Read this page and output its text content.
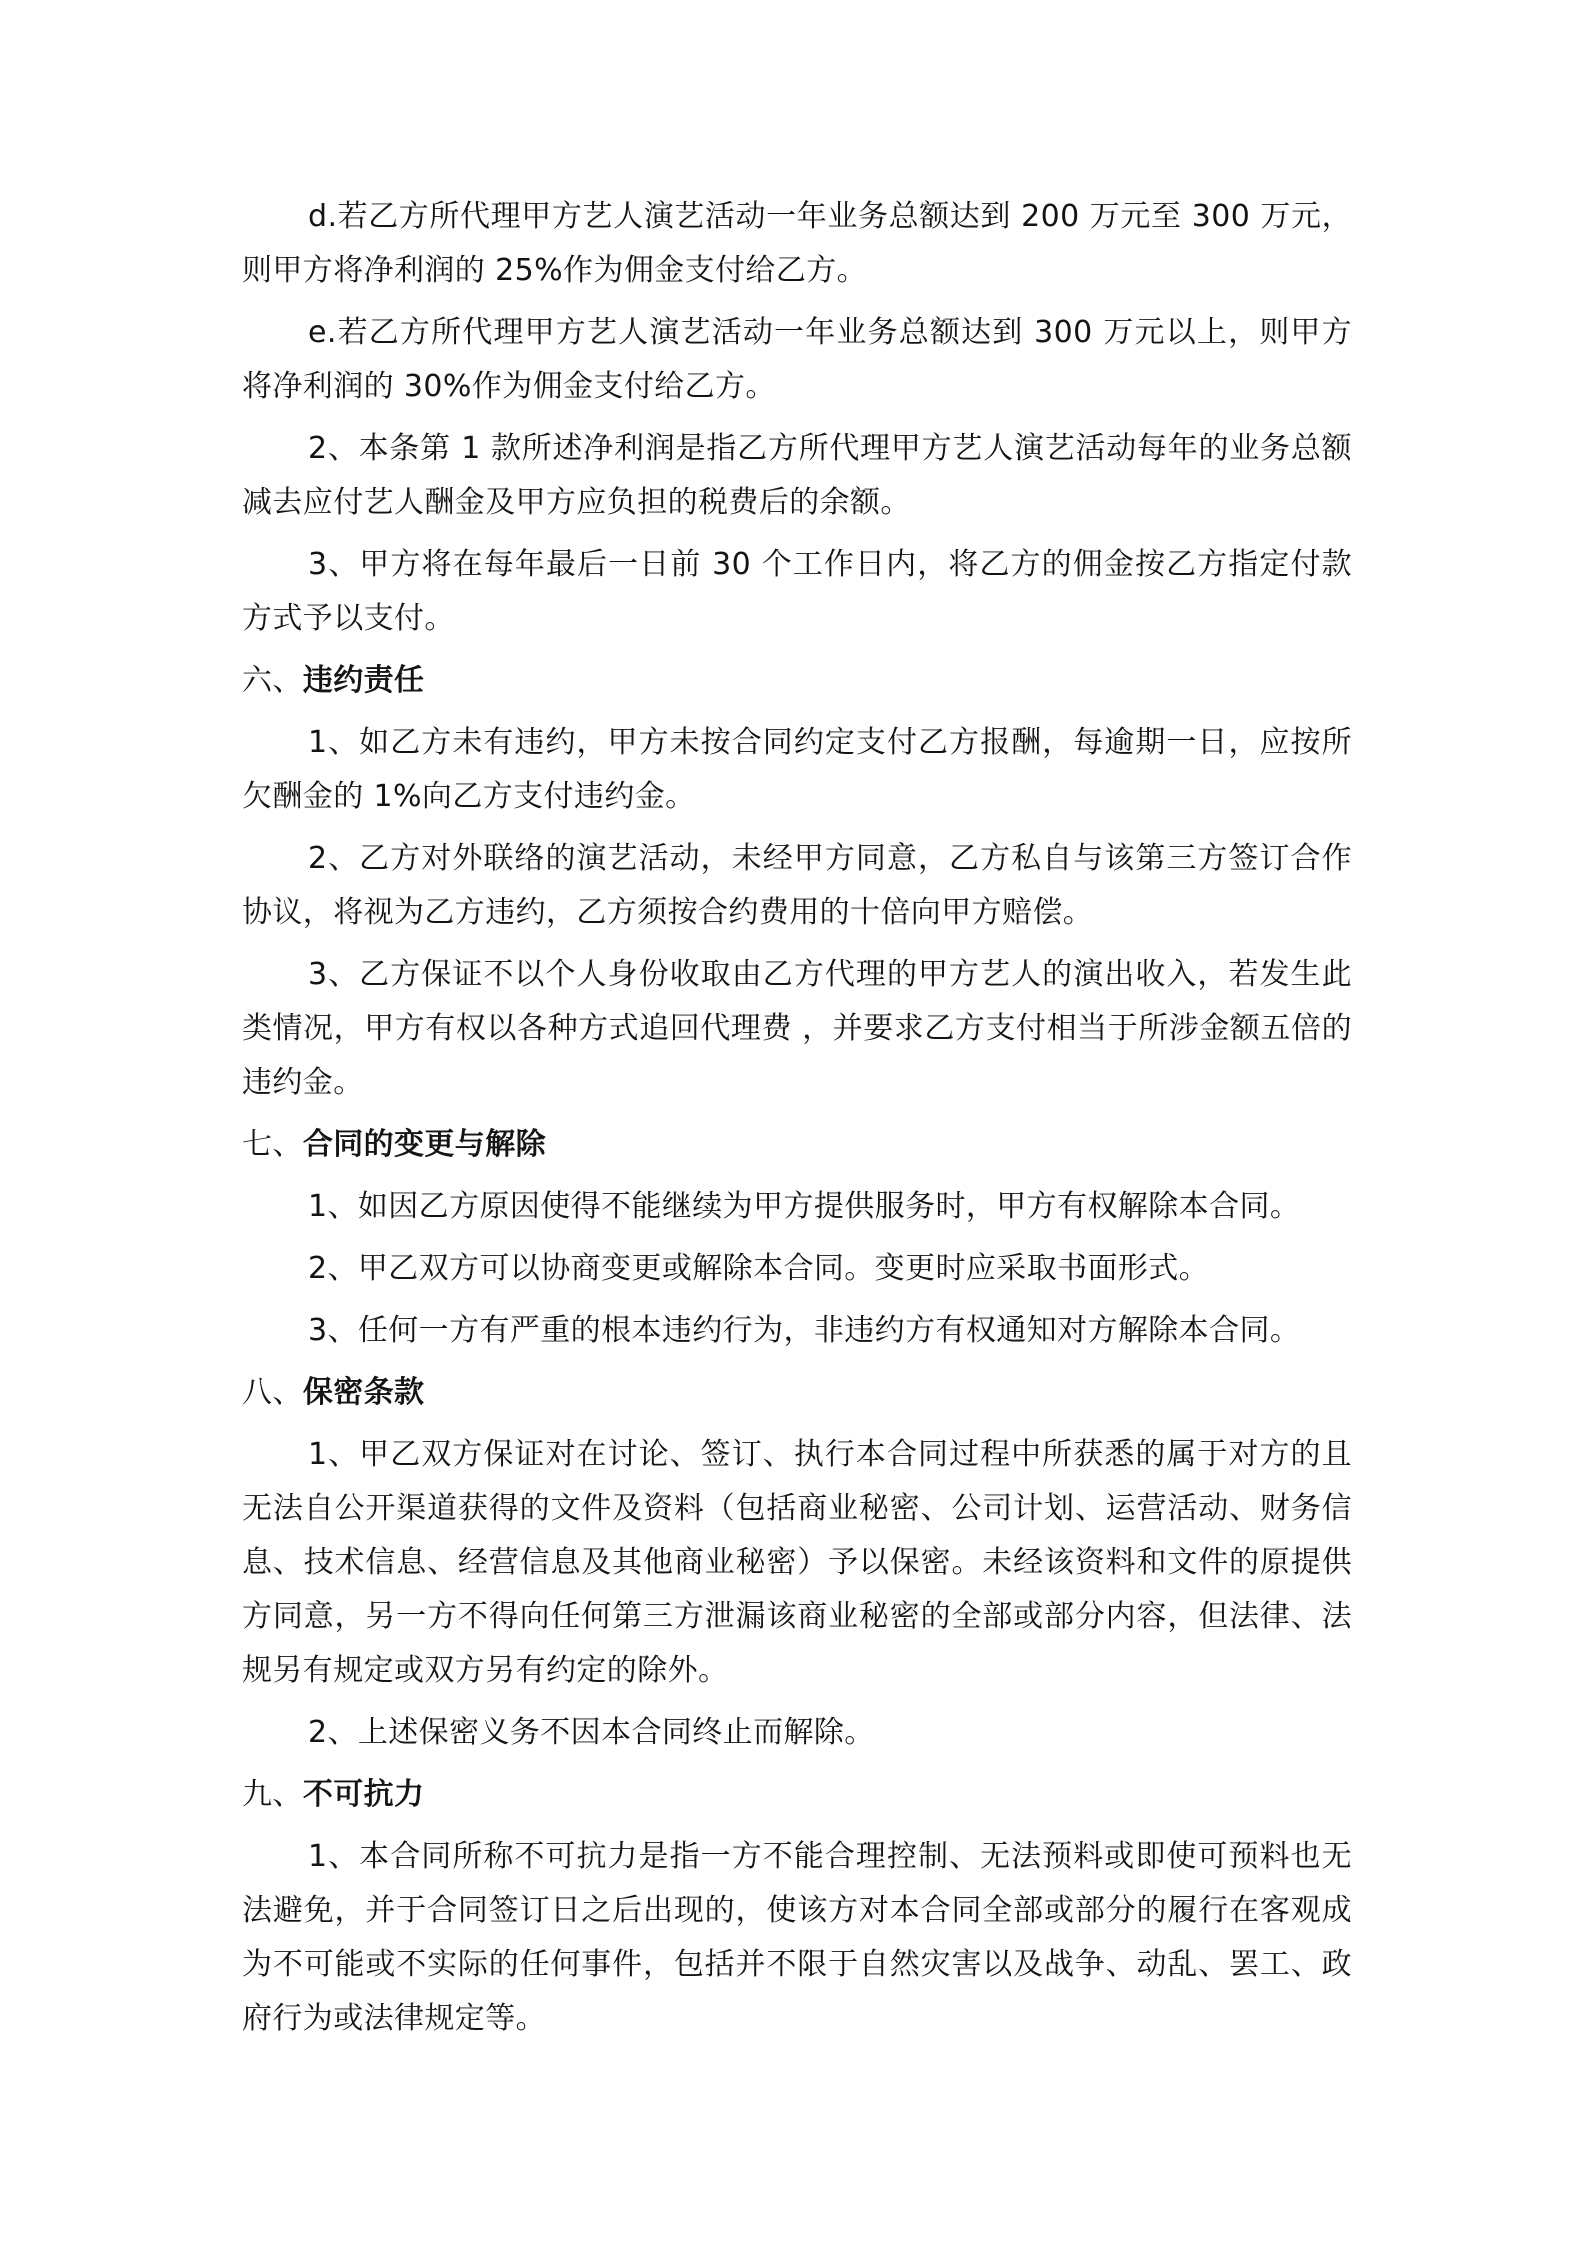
d.若乙方所代理甲方艺人演艺活动一年业务总额达到 200 万元至 300 万元，则甲方将净利润的 25%作为佣金支付给乙方。

e.若乙方所代理甲方艺人演艺活动一年业务总额达到 300 万元以上，则甲方将净利润的 30%作为佣金支付给乙方。

2、本条第 1 款所述净利润是指乙方所代理甲方艺人演艺活动每年的业务总额减去应付艺人酬金及甲方应负担的税费后的余额。

3、甲方将在每年最后一日前 30 个工作日内，将乙方的佣金按乙方指定付款方式予以支付。

六、违约责任

1、如乙方未有违约，甲方未按合同约定支付乙方报酬，每逾期一日，应按所欠酬金的 1%向乙方支付违约金。

2、乙方对外联络的演艺活动，未经甲方同意，乙方私自与该第三方签订合作协议，将视为乙方违约，乙方须按合约费用的十倍向甲方赔偿。

3、乙方保证不以个人身份收取由乙方代理的甲方艺人的演出收入，若发生此类情况，甲方有权以各种方式追回代理费 ，并要求乙方支付相当于所涉金额五倍的违约金。

七、合同的变更与解除

1、如因乙方原因使得不能继续为甲方提供服务时，甲方有权解除本合同。

2、甲乙双方可以协商变更或解除本合同。变更时应采取书面形式。

3、任何一方有严重的根本违约行为，非违约方有权通知对方解除本合同。

八、保密条款

1、甲乙双方保证对在讨论、签订、执行本合同过程中所获悉的属于对方的且无法自公开渠道获得的文件及资料（包括商业秘密、公司计划、运营活动、财务信息、技术信息、经营信息及其他商业秘密）予以保密。未经该资料和文件的原提供方同意，另一方不得向任何第三方泄漏该商业秘密的全部或部分内容，但法律、法规另有规定或双方另有约定的除外。

2、上述保密义务不因本合同终止而解除。

九、不可抗力

1、本合同所称不可抗力是指一方不能合理控制、无法预料或即使可预料也无法避免，并于合同签订日之后出现的，使该方对本合同全部或部分的履行在客观成为不可能或不实际的任何事件，包括并不限于自然灾害以及战争、动乱、罢工、政府行为或法律规定等。
